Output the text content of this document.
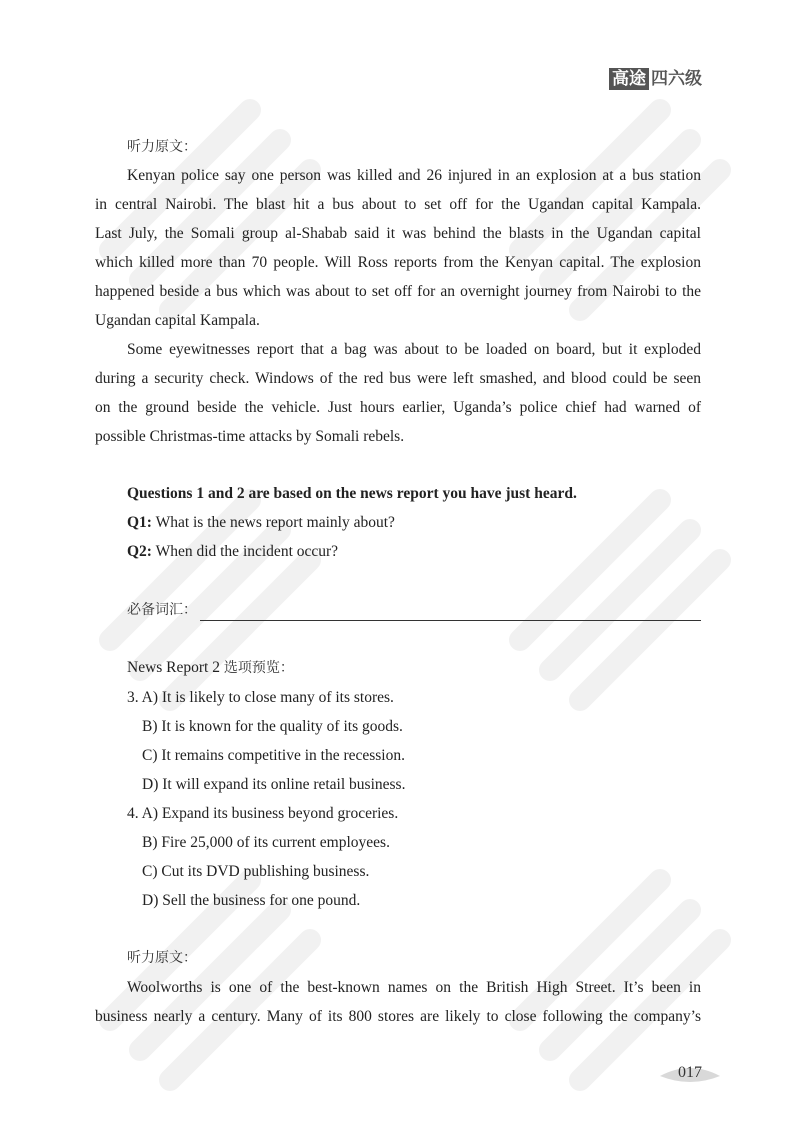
高途 四六级
听力原文：
Kenyan police say one person was killed and 26 injured in an explosion at a bus station
in central Nairobi. The blast hit a bus about to set off for the Ugandan capital Kampala.
Last July, the Somali group al-Shabab said it was behind the blasts in the Ugandan capital
which killed more than 70 people. Will Ross reports from the Kenyan capital. The explosion
happened beside a bus which was about to set off for an overnight journey from Nairobi to the
Ugandan capital Kampala.
Some eyewitnesses report that a bag was about to be loaded on board, but it exploded
during a security check. Windows of the red bus were left smashed, and blood could be seen
on the ground beside the vehicle. Just hours earlier, Uganda’s police chief had warned of
possible Christmas-time attacks by Somali rebels.
Questions 1 and 2 are based on the news report you have just heard.
Q1: What is the news report mainly about?
Q2: When did the incident occur?
必备词汇：
News Report 2 选项预览：
3. A) It is likely to close many of its stores.
B) It is known for the quality of its goods.
C) It remains competitive in the recession.
D) It will expand its online retail business.
4. A) Expand its business beyond groceries.
B) Fire 25,000 of its current employees.
C) Cut its DVD publishing business.
D) Sell the business for one pound.
听力原文：
Woolworths is one of the best-known names on the British High Street. It’s been in
business nearly a century. Many of its 800 stores are likely to close following the company’s
017
